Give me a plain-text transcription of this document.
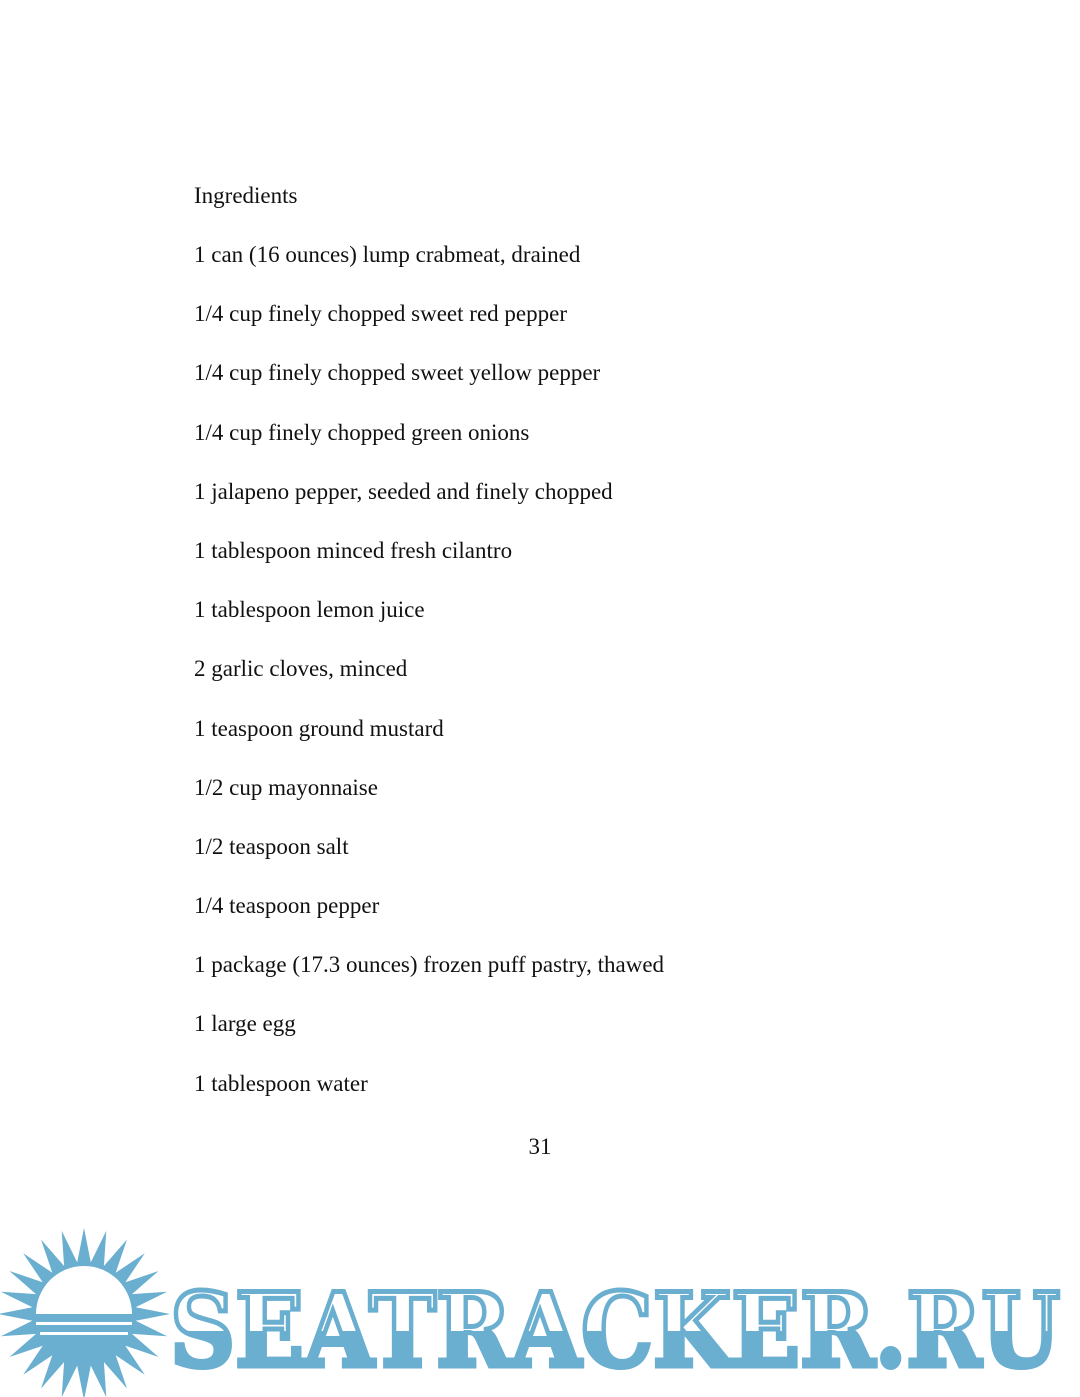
Ingredients
1 can (16 ounces) lump crabmeat, drained
1/4 cup finely chopped sweet red pepper
1/4 cup finely chopped sweet yellow pepper
1/4 cup finely chopped green onions
1 jalapeno pepper, seeded and finely chopped
1 tablespoon minced fresh cilantro
1 tablespoon lemon juice
2 garlic cloves, minced
1 teaspoon ground mustard
1/2 cup mayonnaise
1/2 teaspoon salt
1/4 teaspoon pepper
1 package (17.3 ounces) frozen puff pastry, thawed
1 large egg
1 tablespoon water
31
SEATRACKER.RU
